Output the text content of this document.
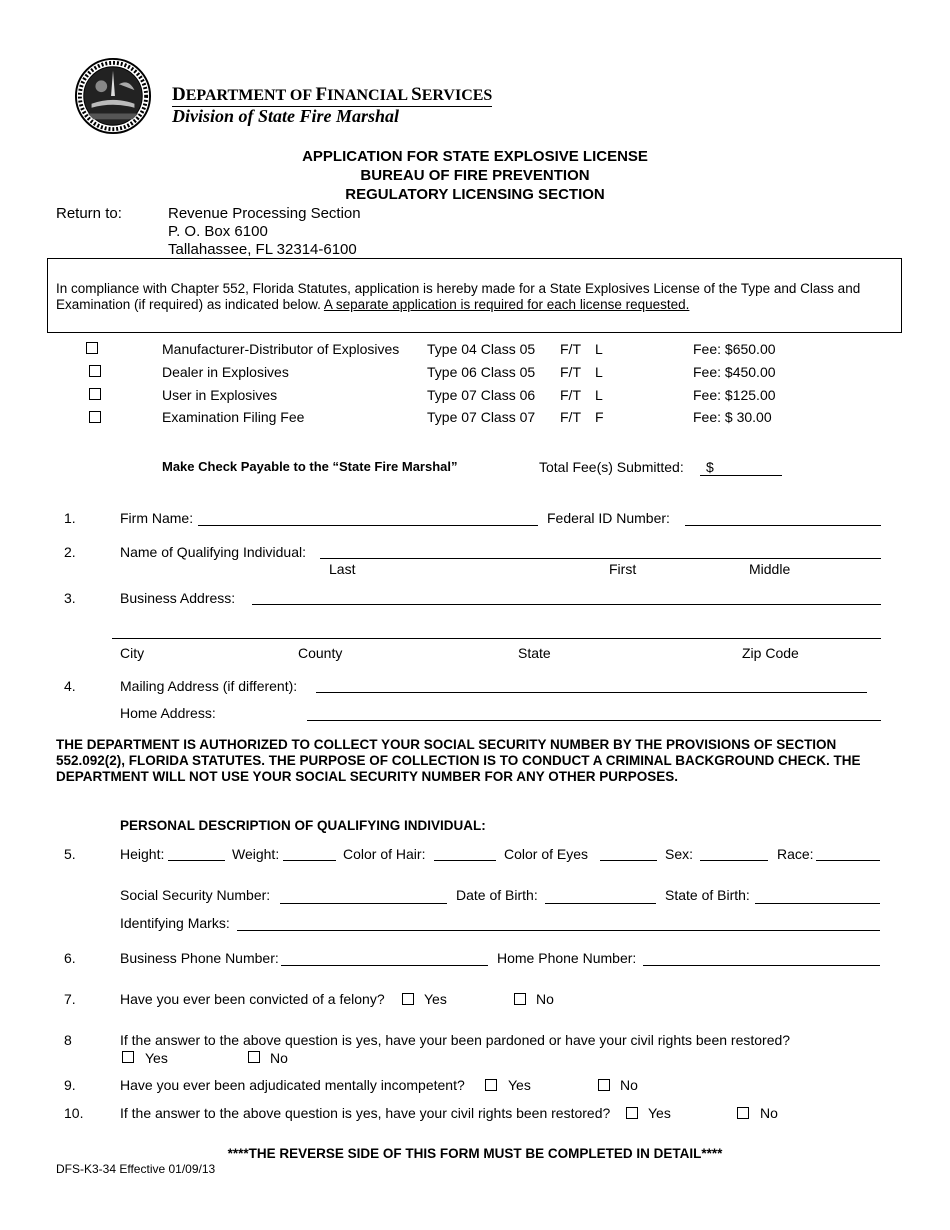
DEPARTMENT OF FINANCIAL SERVICES
Division of State Fire Marshal
APPLICATION FOR STATE EXPLOSIVE LICENSE
BUREAU OF FIRE PREVENTION
REGULATORY LICENSING SECTION
Return to:	Revenue Processing Section
P. O. Box 6100
Tallahassee, FL 32314-6100

In compliance with Chapter 552, Florida Statutes, application is hereby made for a State Explosives License of the Type and Class and Examination (if required) as indicated below. A separate application is required for each license requested.

Manufacturer-Distributor of Explosives Type 04 Class 05 F/T L	Fee: $650.00
Dealer in Explosives	Type 06 Class 05 F/T L	Fee: $450.00
User in Explosives	Type 07 Class 06 F/T L	Fee: $125.00
Examination Filing Fee	Type 07 Class 07 F/T F	Fee: $ 30.00
Make Check Payable to the “State Fire Marshal”	Total Fee(s) Submitted: $
1.	Firm Name:	Federal ID Number:
2.	Name of Qualifying Individual:
Last	First	Middle
3.	Business Address:
City	County	State	Zip Code
4.	Mailing Address (if different):
Home Address:
THE DEPARTMENT IS AUTHORIZED TO COLLECT YOUR SOCIAL SECURITY NUMBER BY THE PROVISIONS OF SECTION 552.092(2), FLORIDA STATUTES. THE PURPOSE OF COLLECTION IS TO CONDUCT A CRIMINAL BACKGROUND CHECK. THE DEPARTMENT WILL NOT USE YOUR SOCIAL SECURITY NUMBER FOR ANY OTHER PURPOSES.
PERSONAL DESCRIPTION OF QUALIFYING INDIVIDUAL:
5.	Height:	Weight:	Color of Hair:	Color of Eyes	Sex:	Race:
Social Security Number:	Date of Birth:	State of Birth:
Identifying Marks:
6.	Business Phone Number:	Home Phone Number:
7.	Have you ever been convicted of a felony?	Yes	No
8	If the answer to the above question is yes, have your been pardoned or have your civil rights been restored?
Yes	No
9.	Have you ever been adjudicated mentally incompetent?	Yes	No
10.	If the answer to the above question is yes, have your civil rights been restored?	Yes	No
****THE REVERSE SIDE OF THIS FORM MUST BE COMPLETED IN DETAIL****
DFS-K3-34 Effective 01/09/13
